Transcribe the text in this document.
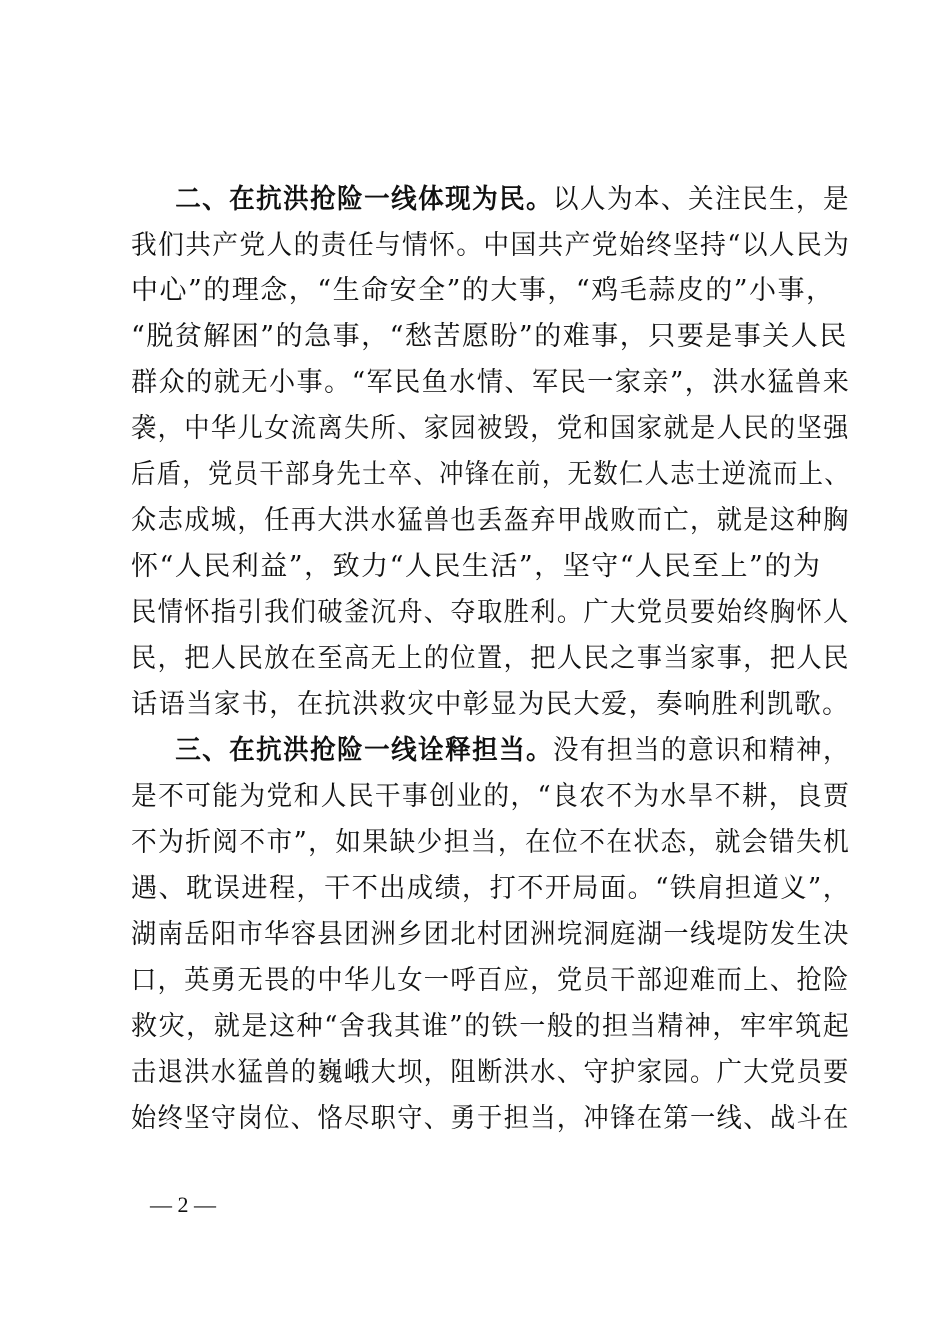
二、在抗洪抢险一线体现为民。以人为本、关注民生，是
我们共产党人的责任与情怀。中国共产党始终坚持“以人民为
中心”的理念，“生命安全”的大事，“鸡毛蒜皮的”小事，
“脱贫解困”的急事，“愁苦愿盼”的难事，只要是事关人民
群众的就无小事。“军民鱼水情、军民一家亲”，洪水猛兽来
袭，中华儿女流离失所、家园被毁，党和国家就是人民的坚强
后盾，党员干部身先士卒、冲锋在前，无数仁人志士逆流而上、
众志成城，任再大洪水猛兽也丢盔弃甲战败而亡，就是这种胸
怀“人民利益”，致力“人民生活”，坚守“人民至上”的为
民情怀指引我们破釜沉舟、夺取胜利。广大党员要始终胸怀人
民，把人民放在至高无上的位置，把人民之事当家事，把人民
话语当家书，在抗洪救灾中彰显为民大爱，奏响胜利凯歌。
三、在抗洪抢险一线诠释担当。没有担当的意识和精神，
是不可能为党和人民干事创业的，“良农不为水旱不耕，良贾
不为折阅不市”，如果缺少担当，在位不在状态，就会错失机
遇、耽误进程，干不出成绩，打不开局面。“铁肩担道义”，
湖南岳阳市华容县团洲乡团北村团洲垸洞庭湖一线堤防发生决
口，英勇无畏的中华儿女一呼百应，党员干部迎难而上、抢险
救灾，就是这种“舍我其谁”的铁一般的担当精神，牢牢筑起
击退洪水猛兽的巍峨大坝，阻断洪水、守护家园。广大党员要
始终坚守岗位、恪尽职守、勇于担当，冲锋在第一线、战斗在
— 2 —
